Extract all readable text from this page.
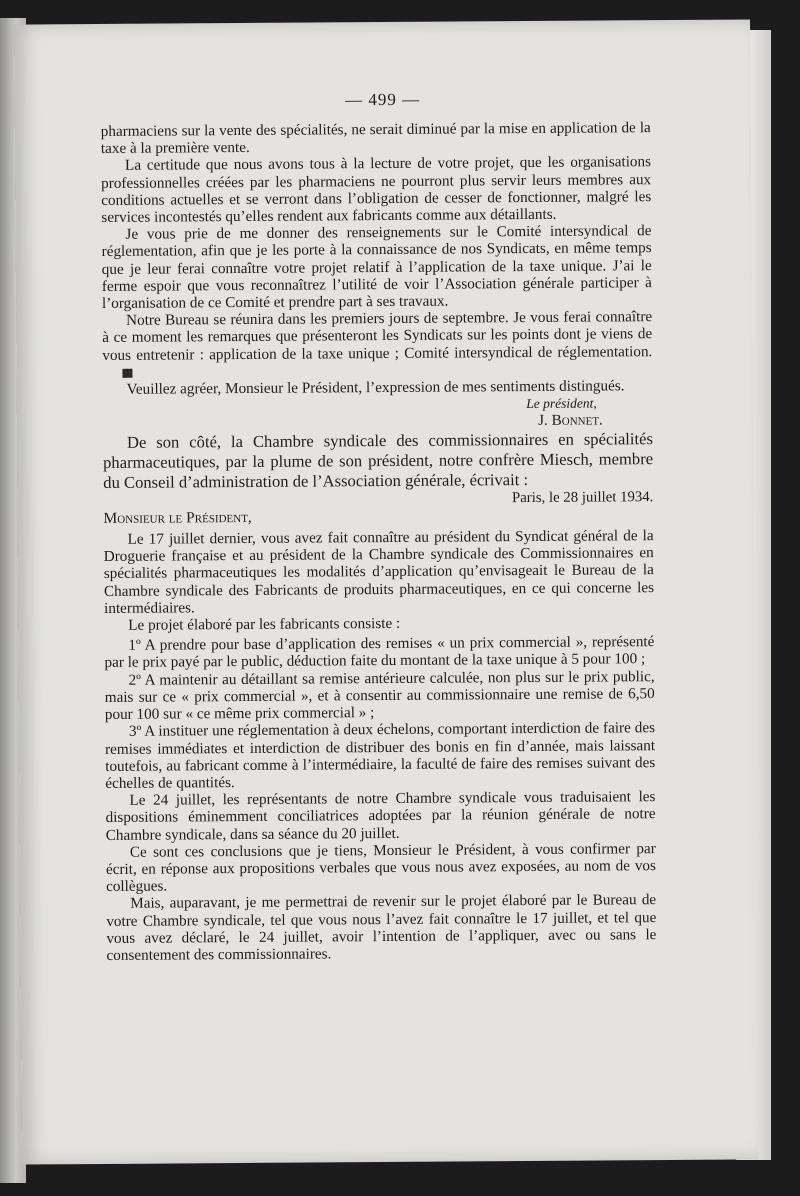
— 499 —

pharmaciens sur la vente des spécialités, ne serait diminué par la mise en application de la taxe à la première vente.

La certitude que nous avons tous à la lecture de votre projet, que les organisations professionnelles créées par les pharmaciens ne pourront plus servir leurs membres aux conditions actuelles et se verront dans l’obligation de cesser de fonctionner, malgré les services incontestés qu’elles rendent aux fabricants comme aux détaillants.

Je vous prie de me donner des renseignements sur le Comité intersyndical de réglementation, afin que je les porte à la connaissance de nos Syndicats, en même temps que je leur ferai connaître votre projet relatif à l’application de la taxe unique. J’ai le ferme espoir que vous reconnaîtrez l’utilité de voir l’Association générale participer à l’organisation de ce Comité et prendre part à ses travaux.

Notre Bureau se réunira dans les premiers jours de septembre. Je vous ferai connaître à ce moment les remarques que présenteront les Syndicats sur les points dont je viens de vous entretenir : application de la taxe unique ; Comité intersyndical de réglementation.

Veuillez agréer, Monsieur le Président, l’expression de mes sentiments distingués.

Le président,

J. Bonnet.

De son côté, la Chambre syndicale des commissionnaires en spécialités pharmaceutiques, par la plume de son président, notre confrère Miesch, membre du Conseil d’administration de l’Association générale, écrivait :

Paris, le 28 juillet 1934.

Monsieur le Président,

Le 17 juillet dernier, vous avez fait connaître au président du Syndicat général de la Droguerie française et au président de la Chambre syndicale des Commissionnaires en spécialités pharmaceutiques les modalités d’application qu’envisageait le Bureau de la Chambre syndicale des Fabricants de produits pharmaceutiques, en ce qui concerne les intermédiaires.

Le projet élaboré par les fabricants consiste :

1º A prendre pour base d’application des remises « un prix commercial », représenté par le prix payé par le public, déduction faite du montant de la taxe unique à 5 pour 100 ;

2º A maintenir au détaillant sa remise antérieure calculée, non plus sur le prix public, mais sur ce « prix commercial », et à consentir au commissionnaire une remise de 6,50 pour 100 sur « ce même prix commercial » ;

3º A instituer une réglementation à deux échelons, comportant interdiction de faire des remises immédiates et interdiction de distribuer des bonis en fin d’année, mais laissant toutefois, au fabricant comme à l’intermédiaire, la faculté de faire des remises suivant des échelles de quantités.

Le 24 juillet, les représentants de notre Chambre syndicale vous traduisaient les dispositions éminemment conciliatrices adoptées par la réunion générale de notre Chambre syndicale, dans sa séance du 20 juillet.

Ce sont ces conclusions que je tiens, Monsieur le Président, à vous confirmer par écrit, en réponse aux propositions verbales que vous nous avez exposées, au nom de vos collègues.

Mais, auparavant, je me permettrai de revenir sur le projet élaboré par le Bureau de votre Chambre syndicale, tel que vous nous l’avez fait connaître le 17 juillet, et tel que vous avez déclaré, le 24 juillet, avoir l’intention de l’appliquer, avec ou sans le consentement des commissionnaires.
